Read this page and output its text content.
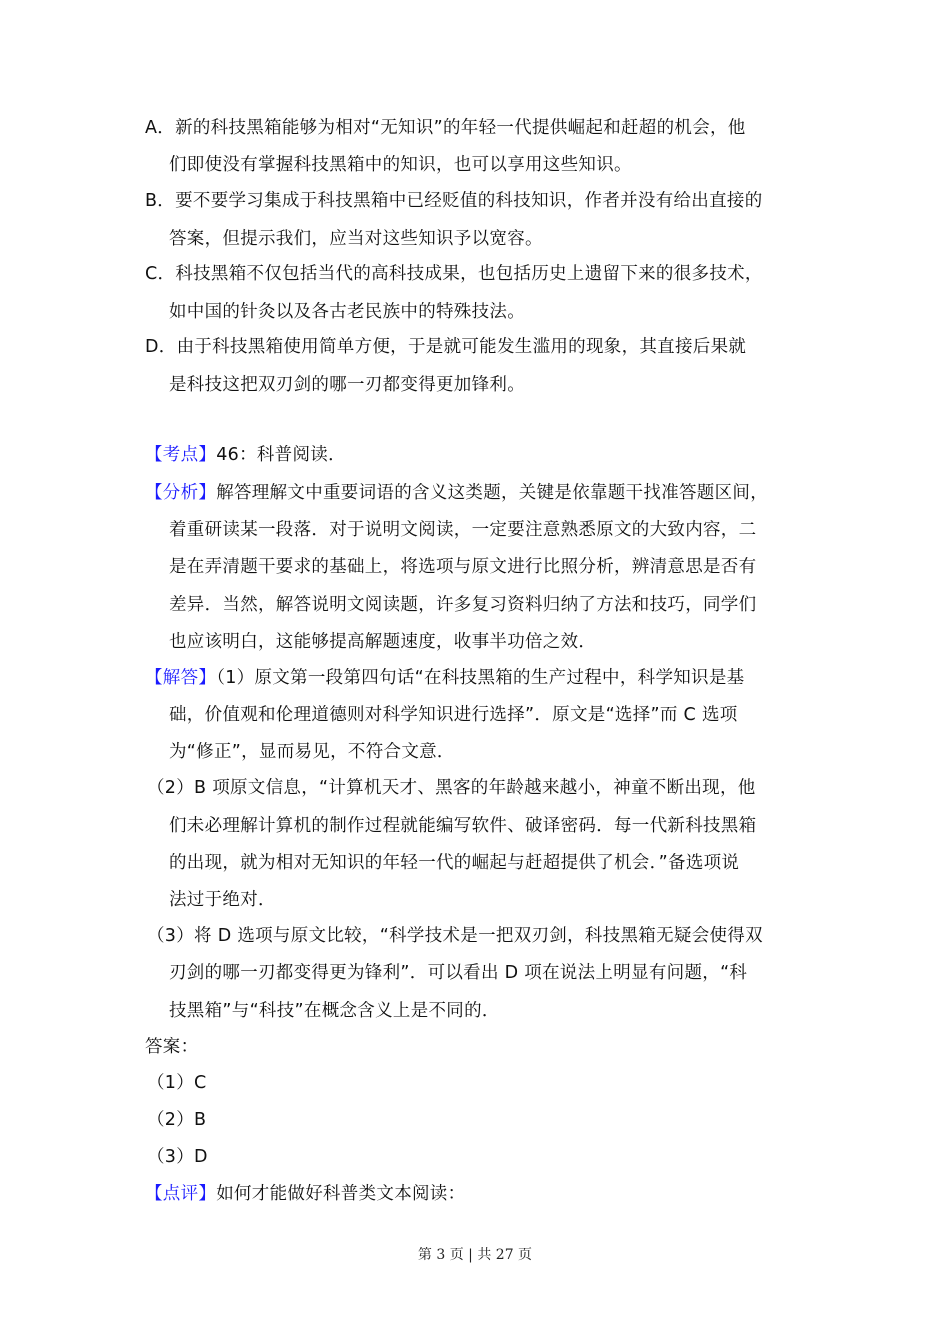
A．新的科技黑箱能够为相对“无知识”的年轻一代提供崛起和赶超的机会，他
们即使没有掌握科技黑箱中的知识，也可以享用这些知识。
B．要不要学习集成于科技黑箱中已经贬值的科技知识，作者并没有给出直接的
答案，但提示我们，应当对这些知识予以宽容。
C．科技黑箱不仅包括当代的高科技成果，也包括历史上遗留下来的很多技术，
如中国的针灸以及各古老民族中的特殊技法。
D．由于科技黑箱使用简单方便，于是就可能发生滥用的现象，其直接后果就
是科技这把双刃剑的哪一刃都变得更加锋利。
【考点】46：科普阅读．
【分析】解答理解文中重要词语的含义这类题，关键是依靠题干找准答题区间，
着重研读某一段落．对于说明文阅读，一定要注意熟悉原文的大致内容，二
是在弄清题干要求的基础上，将选项与原文进行比照分析，辨清意思是否有
差异．当然，解答说明文阅读题，许多复习资料归纳了方法和技巧，同学们
也应该明白，这能够提高解题速度，收事半功倍之效．
【解答】（1）原文第一段第四句话“在科技黑箱的生产过程中，科学知识是基
础，价值观和伦理道德则对科学知识进行选择”．原文是“选择”而 C 选项
为“修正”，显而易见，不符合文意．
（2）B 项原文信息，“计算机天才、黑客的年龄越来越小，神童不断出现，他
们未必理解计算机的制作过程就能编写软件、破译密码．每一代新科技黑箱
的出现，就为相对无知识的年轻一代的崛起与赶超提供了机会．”备选项说
法过于绝对．
（3）将 D 选项与原文比较，“科学技术是一把双刃剑，科技黑箱无疑会使得双
刃剑的哪一刃都变得更为锋利”．可以看出 D 项在说法上明显有问题，“科
技黑箱”与“科技”在概念含义上是不同的．
答案：
（1）C
（2）B
（3）D
【点评】如何才能做好科普类文本阅读：
第 3 页 | 共 27 页
